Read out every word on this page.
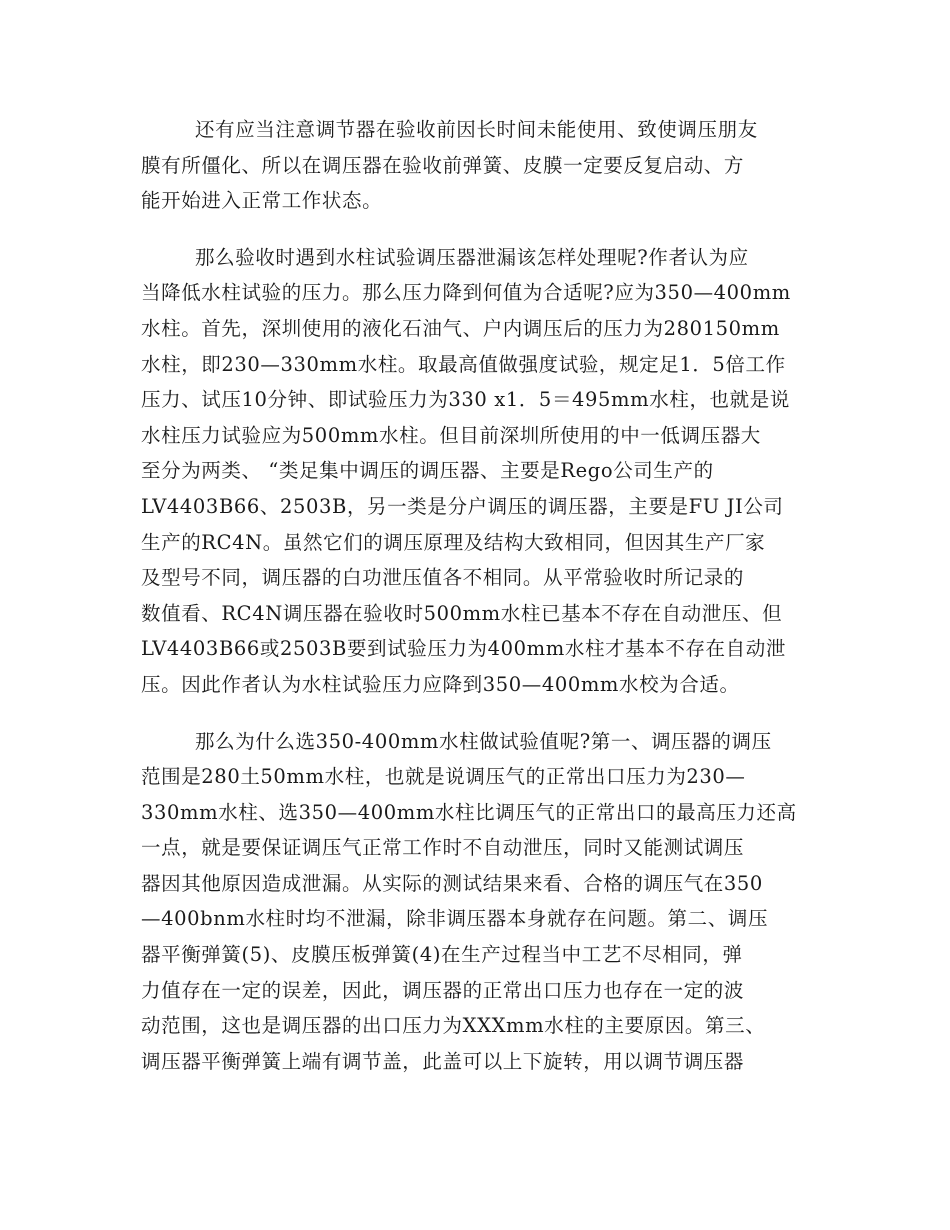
还有应当注意调节器在验收前因长时间未能使用、致使调压朋友
膜有所僵化、所以在调压器在验收前弹簧、皮膜一定要反复启动、方
能开始进入正常工作状态。

那么验收时遇到水柱试验调压器泄漏该怎样处理呢?作者认为应
当降低水柱试验的压力。那么压力降到何值为合适呢?应为350—400mm
水柱。首先，深圳使用的液化石油气、户内调压后的压力为280150mm
水柱，即230—330mm水柱。取最高值做强度试验，规定足1．5倍工作
压力、试压10分钟、即试验压力为330 x1．5＝495mm水柱，也就是说
水柱压力试验应为500mm水柱。但目前深圳所使用的中一低调压器大
至分为两类、 “类足集中调压的调压器、主要是Rego公司生产的
LV4403B66、2503B，另一类是分户调压的调压器，主要是FU JI公司
生产的RC4N。虽然它们的调压原理及结构大致相同，但因其生产厂家
及型号不同，调压器的白功泄压值各不相同。从平常验收时所记录的
数值看、RC4N调压器在验收时500mm水柱已基本不存在自动泄压、但
LV4403B66或2503B要到试验压力为400mm水柱才基本不存在自动泄
压。因此作者认为水柱试验压力应降到350—400mm水校为合适。

那么为什么选350-400mm水柱做试验值呢?第一、调压器的调压
范围是280土50mm水柱，也就是说调压气的正常出口压力为230—
330mm水柱、选350—400mm水柱比调压气的正常出口的最高压力还高
一点，就是要保证调压气正常工作时不自动泄压，同时又能测试调压
器因其他原因造成泄漏。从实际的测试结果来看、合格的调压气在350
—400bnm水柱时均不泄漏，除非调压器本身就存在问题。第二、调压
器平衡弹簧(5)、皮膜压板弹簧(4)在生产过程当中工艺不尽相同，弹
力值存在一定的误差，因此，调压器的正常出口压力也存在一定的波
动范围，这也是调压器的出口压力为XXXmm水柱的主要原因。第三、
调压器平衡弹簧上端有调节盖，此盖可以上下旋转，用以调节调压器
